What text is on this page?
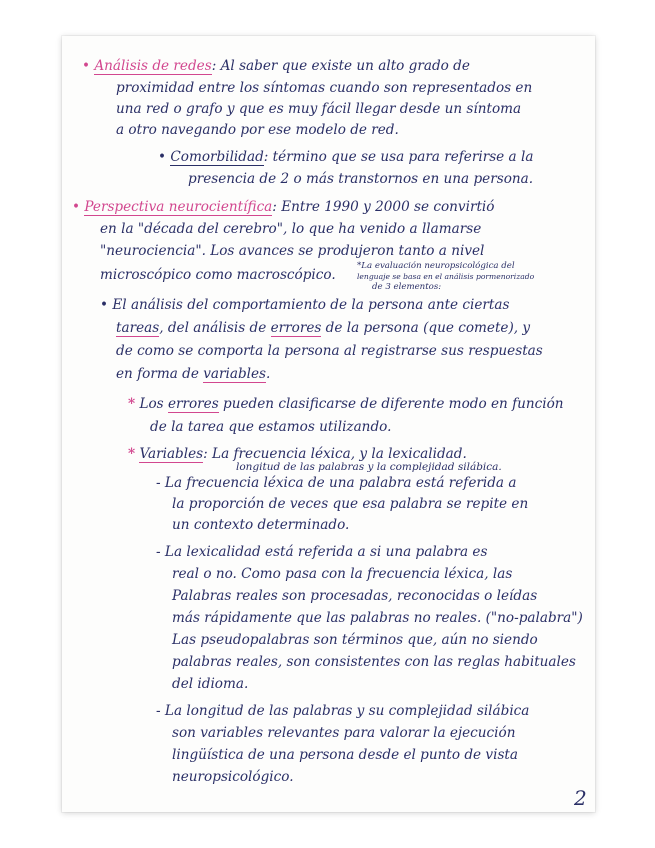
• Análisis de redes: Al saber que existe un alto grado de
proximidad entre los síntomas cuando son representados en
una red o grafo y que es muy fácil llegar desde un síntoma
a otro navegando por ese modelo de red.
• Comorbilidad: término que se usa para referirse a la
presencia de 2 o más transtornos en una persona.
• Perspectiva neurocientífica: Entre 1990 y 2000 se convirtió
en la "década del cerebro", lo que ha venido a llamarse
"neurociencia". Los avances se produjeron tanto a nivel
microscópico como macroscópico.
*La evaluación neuropsicológica del
lenguaje se basa en el análisis pormenorizado
de 3 elementos:
• El análisis del comportamiento de la persona ante ciertas
tareas, del análisis de errores de la persona (que comete), y
de como se comporta la persona al registrarse sus respuestas
en forma de variables.
* Los errores pueden clasificarse de diferente modo en función
de la tarea que estamos utilizando.
* Variables: La frecuencia léxica, y la lexicalidad.
longitud de las palabras y la complejidad silábica.
- La frecuencia léxica de una palabra está referida a
la proporción de veces que esa palabra se repite en
un contexto determinado.
- La lexicalidad está referida a si una palabra es
real o no. Como pasa con la frecuencia léxica, las
Palabras reales son procesadas, reconocidas o leídas
más rápidamente que las palabras no reales. ("no-palabra")
Las pseudopalabras son términos que, aún no siendo
palabras reales, son consistentes con las reglas habituales
del idioma.
- La longitud de las palabras y su complejidad silábica
son variables relevantes para valorar la ejecución
lingüística de una persona desde el punto de vista
neuropsicológico.
2
